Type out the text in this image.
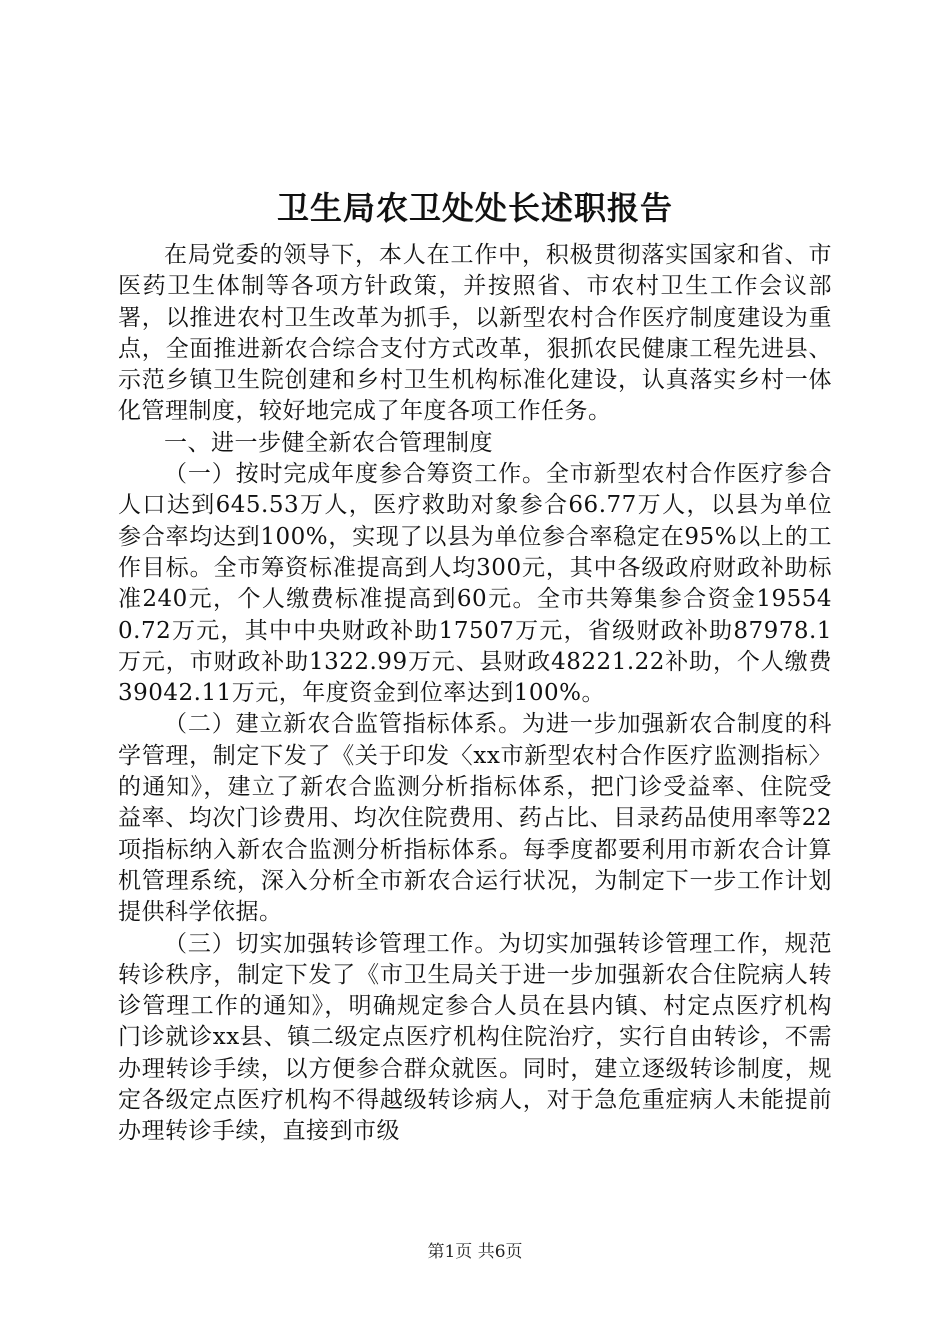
卫生局农卫处处长述职报告

在局党委的领导下，本人在工作中，积极贯彻落实国家和省、市医药卫生体制等各项方针政策，并按照省、市农村卫生工作会议部署，以推进农村卫生改革为抓手，以新型农村合作医疗制度建设为重点，全面推进新农合综合支付方式改革，狠抓农民健康工程先进县、示范乡镇卫生院创建和乡村卫生机构标准化建设，认真落实乡村一体化管理制度，较好地完成了年度各项工作任务。

一、进一步健全新农合管理制度

（一）按时完成年度参合筹资工作。全市新型农村合作医疗参合人口达到645.53万人，医疗救助对象参合66.77万人，以县为单位参合率均达到100%，实现了以县为单位参合率稳定在95%以上的工作目标。全市筹资标准提高到人均300元，其中各级政府财政补助标准240元，个人缴费标准提高到60元。全市共筹集参合资金195540.72万元，其中中央财政补助17507万元，省级财政补助87978.1万元，市财政补助1322.99万元、县财政48221.22补助，个人缴费39042.11万元，年度资金到位率达到100%。

（二）建立新农合监管指标体系。为进一步加强新农合制度的科学管理，制定下发了《关于印发〈xx市新型农村合作医疗监测指标〉的通知》，建立了新农合监测分析指标体系，把门诊受益率、住院受益率、均次门诊费用、均次住院费用、药占比、目录药品使用率等22项指标纳入新农合监测分析指标体系。每季度都要利用市新农合计算机管理系统，深入分析全市新农合运行状况，为制定下一步工作计划提供科学依据。

（三）切实加强转诊管理工作。为切实加强转诊管理工作，规范转诊秩序，制定下发了《市卫生局关于进一步加强新农合住院病人转诊管理工作的通知》，明确规定参合人员在县内镇、村定点医疗机构门诊就诊xx县、镇二级定点医疗机构住院治疗，实行自由转诊，不需办理转诊手续，以方便参合群众就医。同时，建立逐级转诊制度，规定各级定点医疗机构不得越级转诊病人，对于急危重症病人未能提前办理转诊手续，直接到市级

第1页 共6页
